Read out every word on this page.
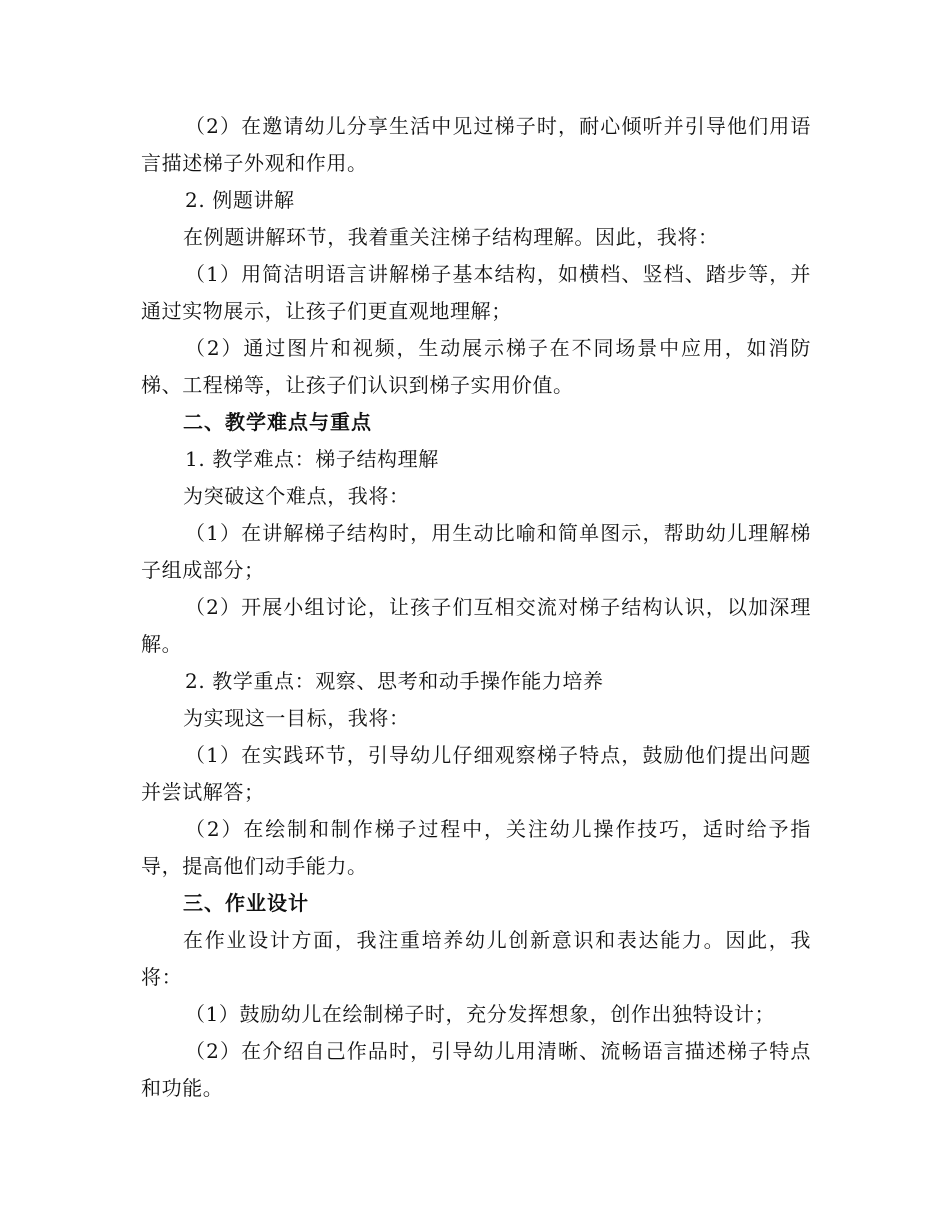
（2）在邀请幼儿分享生活中见过梯子时，耐心倾听并引导他们用语言描述梯子外观和作用。

2. 例题讲解

在例题讲解环节，我着重关注梯子结构理解。因此，我将：

（1）用简洁明语言讲解梯子基本结构，如横档、竖档、踏步等，并通过实物展示，让孩子们更直观地理解；

（2）通过图片和视频，生动展示梯子在不同场景中应用，如消防梯、工程梯等，让孩子们认识到梯子实用价值。

二、教学难点与重点

1. 教学难点：梯子结构理解

为突破这个难点，我将：

（1）在讲解梯子结构时，用生动比喻和简单图示，帮助幼儿理解梯子组成部分；

（2）开展小组讨论，让孩子们互相交流对梯子结构认识，以加深理解。

2. 教学重点：观察、思考和动手操作能力培养

为实现这一目标，我将：

（1）在实践环节，引导幼儿仔细观察梯子特点，鼓励他们提出问题并尝试解答；

（2）在绘制和制作梯子过程中，关注幼儿操作技巧，适时给予指导，提高他们动手能力。

三、作业设计

在作业设计方面，我注重培养幼儿创新意识和表达能力。因此，我将：

（1）鼓励幼儿在绘制梯子时，充分发挥想象，创作出独特设计；

（2）在介绍自己作品时，引导幼儿用清晰、流畅语言描述梯子特点和功能。
